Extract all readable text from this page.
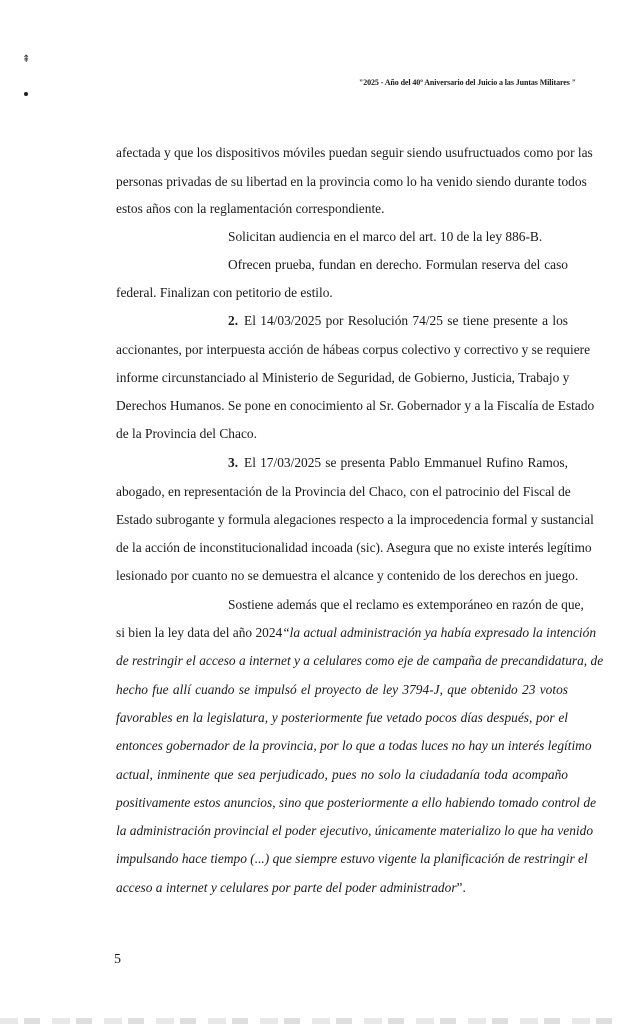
⇞
"2025 - Año del 40º Aniversario del Juicio a las Juntas Militares "
afectada y que los dispositivos móviles puedan seguir siendo usufructuados como por las
personas privadas de su libertad en la provincia como lo ha venido siendo durante todos
estos años con la reglamentación correspondiente.
Solicitan audiencia en el marco del art. 10 de la ley 886-B.
Ofrecen prueba, fundan en derecho. Formulan reserva del caso
federal. Finalizan con petitorio de estilo.
2. El 14/03/2025 por Resolución 74/25 se tiene presente a los
accionantes, por interpuesta acción de hábeas corpus colectivo y correctivo y se requiere
informe circunstanciado al Ministerio de Seguridad, de Gobierno, Justicia, Trabajo y
Derechos Humanos. Se pone en conocimiento al Sr. Gobernador y a la Fiscalía de Estado
de la Provincia del Chaco.
3. El 17/03/2025 se presenta Pablo Emmanuel Rufino Ramos,
abogado, en representación de la Provincia del Chaco, con el patrocinio del Fiscal de
Estado subrogante y formula alegaciones respecto a la improcedencia formal y sustancial
de la acción de inconstitucionalidad incoada (sic). Asegura que no existe interés legítimo
lesionado por cuanto no se demuestra el alcance y contenido de los derechos en juego.
Sostiene además que el reclamo es extemporáneo en razón de que,
si bien la ley data del año 2024 “la actual administración ya había expresado la intención
de restringir el acceso a internet y a celulares como eje de campaña de precandidatura, de
hecho fue allí cuando se impulsó el proyecto de ley 3794-J, que obtenido 23 votos
favorables en la legislatura, y posteriormente fue vetado pocos días después, por el
entonces gobernador de la provincia, por lo que a todas luces no hay un interés legítimo
actual, inminente que sea perjudicado, pues no solo la ciudadanía toda acompaño
positivamente estos anuncios, sino que posteriormente a ello habiendo tomado control de
la administración provincial el poder ejecutivo, únicamente materializo lo que ha venido
impulsando hace tiempo (...) que siempre estuvo vigente la planificación de restringir el
acceso a internet y celulares por parte del poder administrador”.
5
